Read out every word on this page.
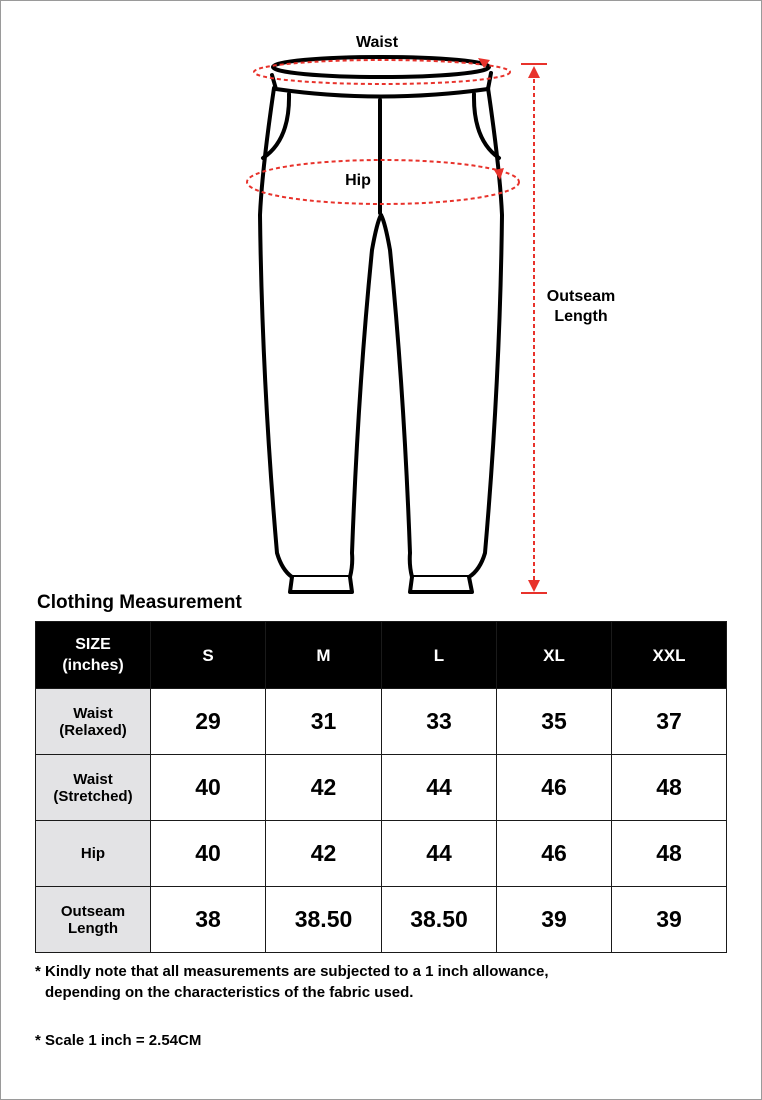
Waist
Hip
Outseam
Length
Clothing Measurement
SIZE
(inches)	S	M	L	XL	XXL

Waist
(Relaxed)	29	31	33	35	37

Waist
(Stretched)	40	42	44	46	48

Hip	40	42	44	46	48

Outseam
Length	38	38.50	38.50	39	39
* Kindly note that all measurements are subjected to a 1 inch allowance,
depending on the characteristics of the fabric used.
* Scale 1 inch = 2.54CM
